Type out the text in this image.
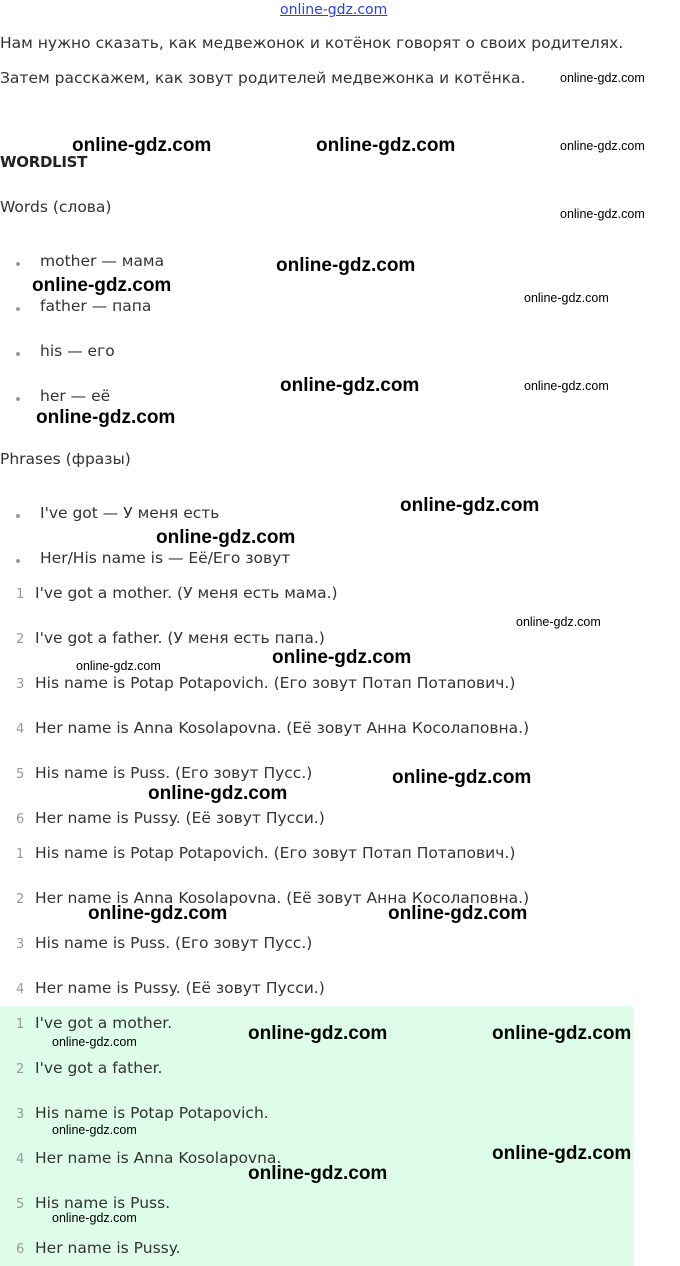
online-gdz.com
Нам нужно сказать, как медвежонок и котёнок говорят о своих родителях.
Затем расскажем, как зовут родителей медвежонка и котёнка.
WORDLIST
Words (слова)
mother — мама
father — папа
his — его
her — её
Phrases (фразы)
I've got — У меня есть
Her/His name is — Её/Его зовут
1 I've got a mother. (У меня есть мама.)
2 I've got a father. (У меня есть папа.)
3 His name is Potap Potapovich. (Его зовут Потап Потапович.)
4 Her name is Anna Kosolapovna. (Её зовут Анна Косолаповна.)
5 His name is Puss. (Его зовут Пусс.)
6 Her name is Pussy. (Её зовут Пусси.)
1 His name is Potap Potapovich. (Его зовут Потап Потапович.)
2 Her name is Anna Kosolapovna. (Её зовут Анна Косолаповна.)
3 His name is Puss. (Его зовут Пусс.)
4 Her name is Pussy. (Её зовут Пусси.)
1 I've got a mother.
2 I've got a father.
3 His name is Potap Potapovich.
4 Her name is Anna Kosolapovna.
5 His name is Puss.
6 Her name is Pussy.
online-gdz.com
online-gdz.com	online-gdz.com	online-gdz.com
online-gdz.com
online-gdz.com
online-gdz.com
online-gdz.com
online-gdz.com	online-gdz.com
online-gdz.com
online-gdz.com
online-gdz.com
online-gdz.com
online-gdz.com
online-gdz.com
online-gdz.com
online-gdz.com
online-gdz.com	online-gdz.com
online-gdz.com	online-gdz.com
online-gdz.com
online-gdz.com
online-gdz.com
online-gdz.com
online-gdz.com
